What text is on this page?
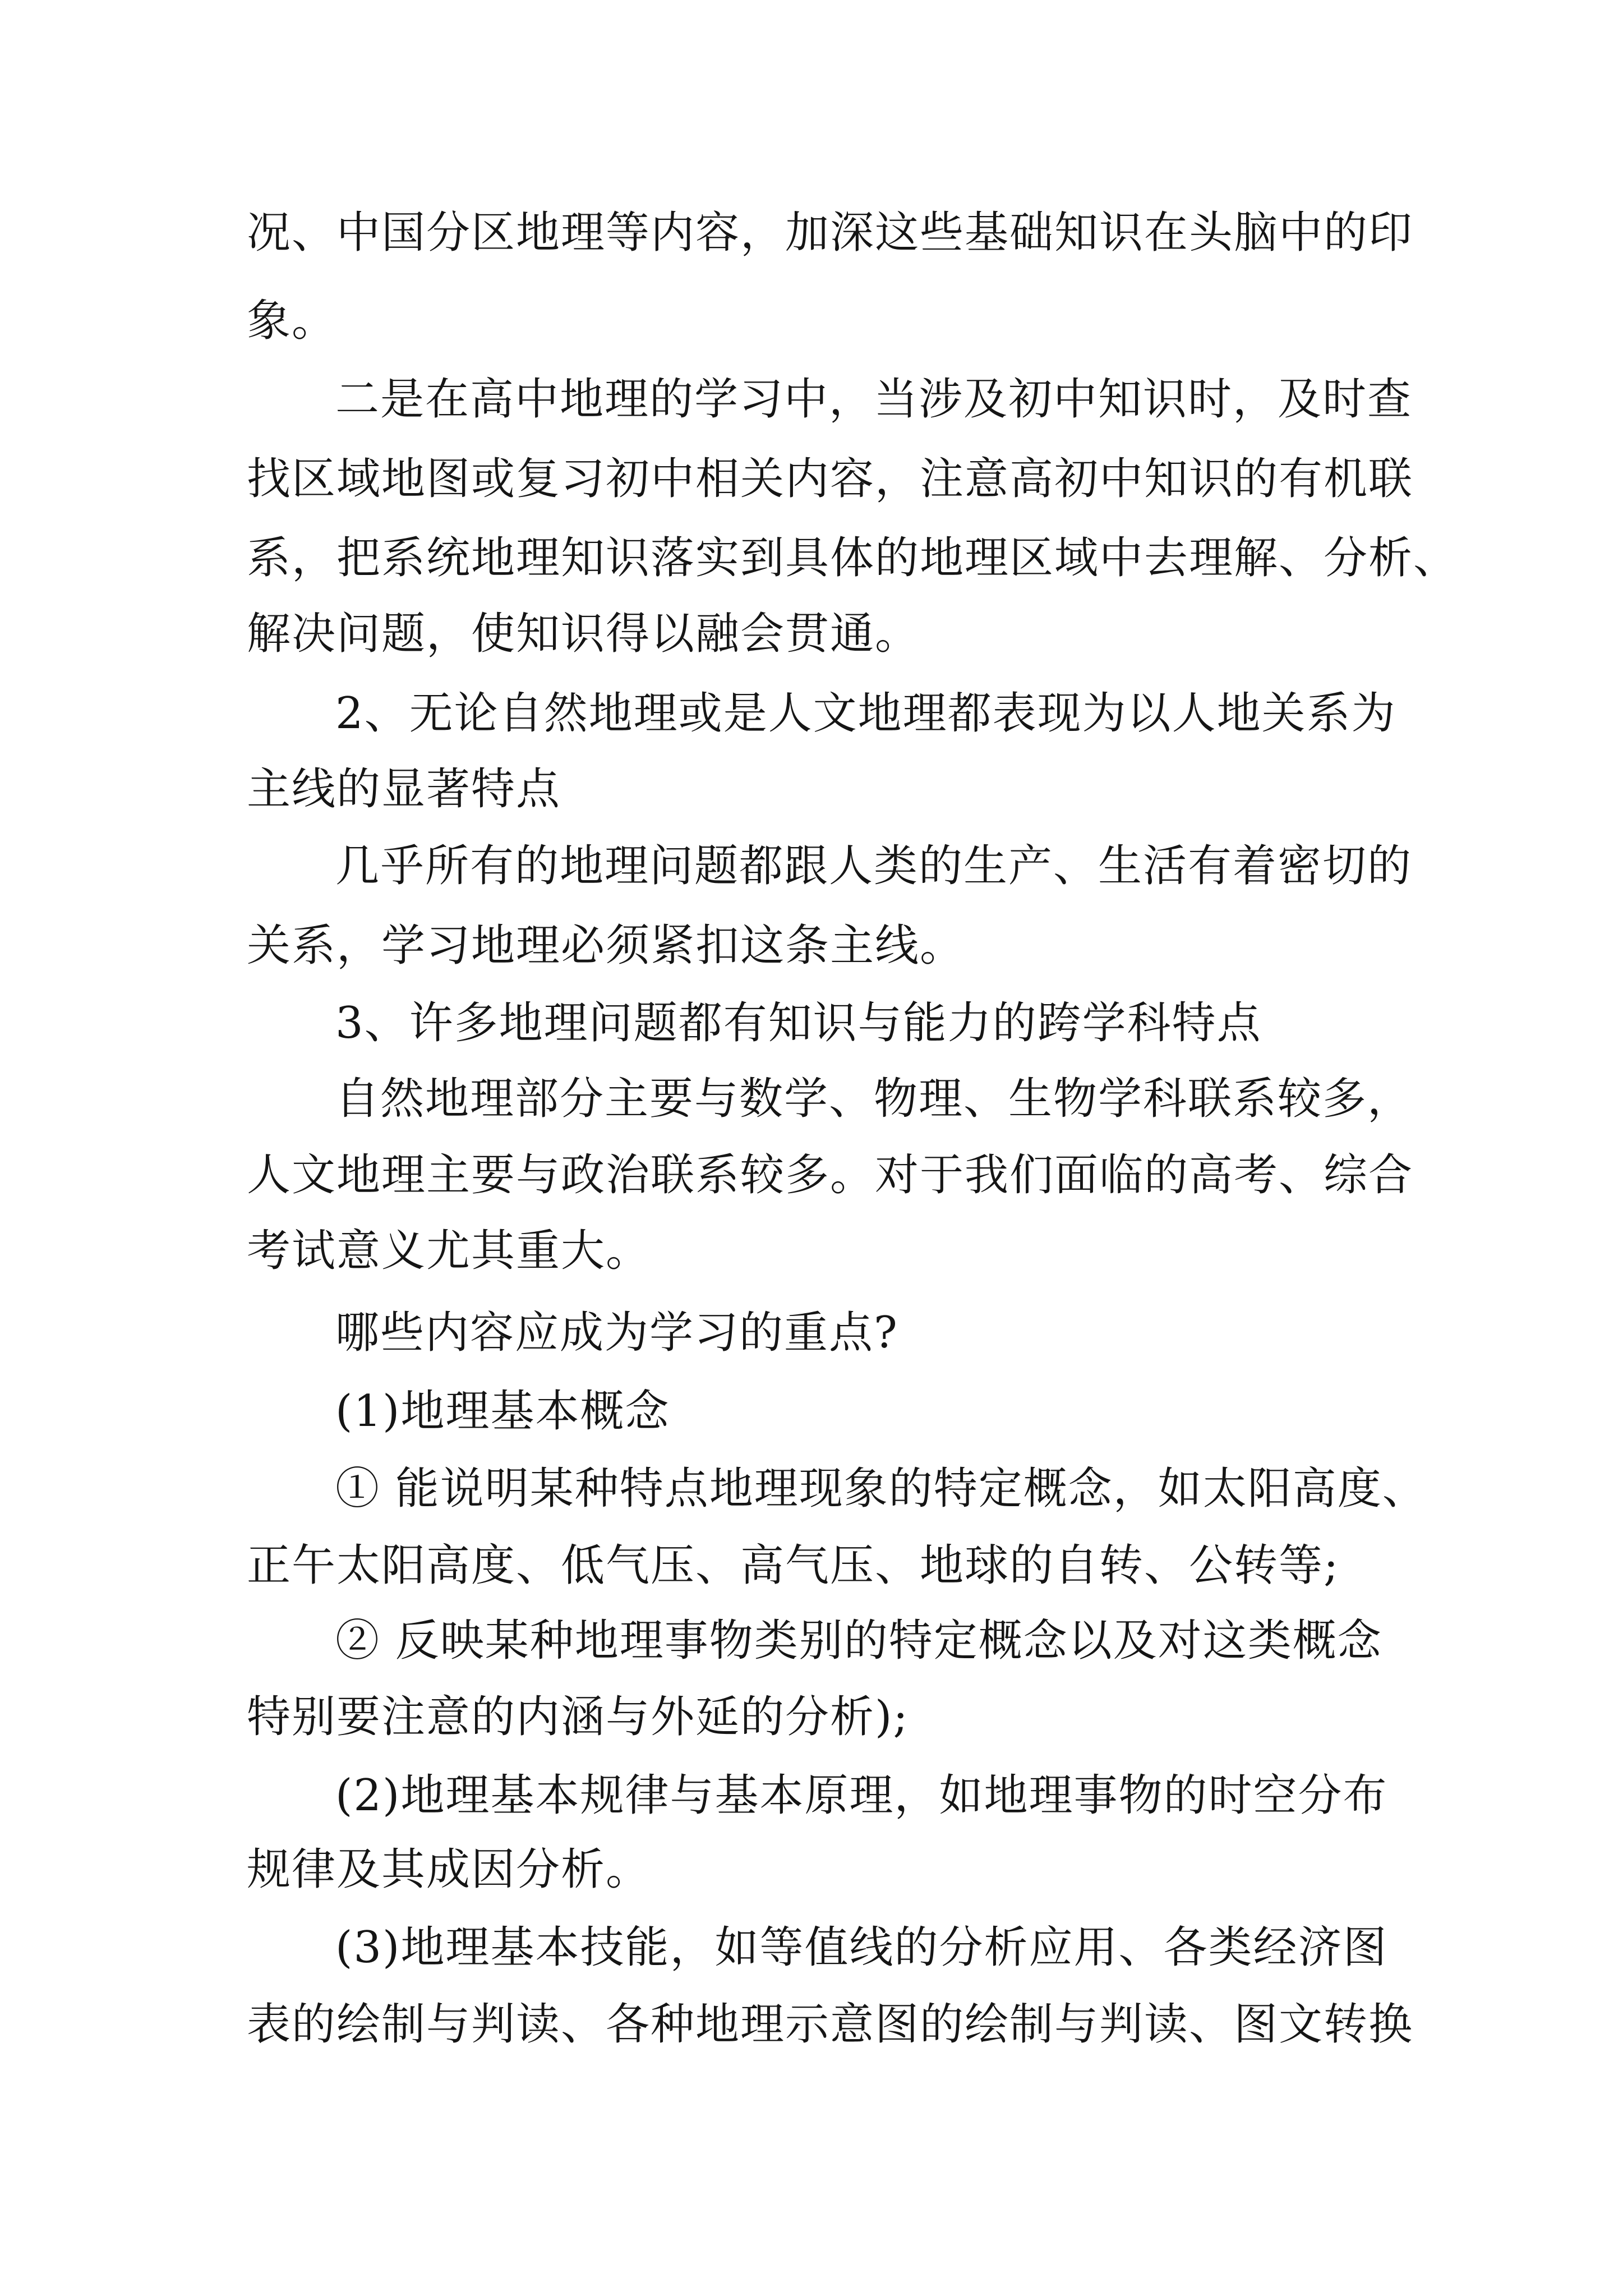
况、中国分区地理等内容，加深这些基础知识在头脑中的印
象。
二是在高中地理的学习中，当涉及初中知识时，及时查
找区域地图或复习初中相关内容，注意高初中知识的有机联
系，把系统地理知识落实到具体的地理区域中去理解、分析、
解决问题，使知识得以融会贯通。
2、无论自然地理或是人文地理都表现为以人地关系为
主线的显著特点
几乎所有的地理问题都跟人类的生产、生活有着密切的
关系，学习地理必须紧扣这条主线。
3、许多地理问题都有知识与能力的跨学科特点
自然地理部分主要与数学、物理、生物学科联系较多，
人文地理主要与政治联系较多。对于我们面临的高考、综合
考试意义尤其重大。
哪些内容应成为学习的重点?
(1)地理基本概念
① 能说明某种特点地理现象的特定概念，如太阳高度、
正午太阳高度、低气压、高气压、地球的自转、公转等;
② 反映某种地理事物类别的特定概念以及对这类概念
特别要注意的内涵与外延的分析);
(2)地理基本规律与基本原理，如地理事物的时空分布
规律及其成因分析。
(3)地理基本技能，如等值线的分析应用、各类经济图
表的绘制与判读、各种地理示意图的绘制与判读、图文转换
